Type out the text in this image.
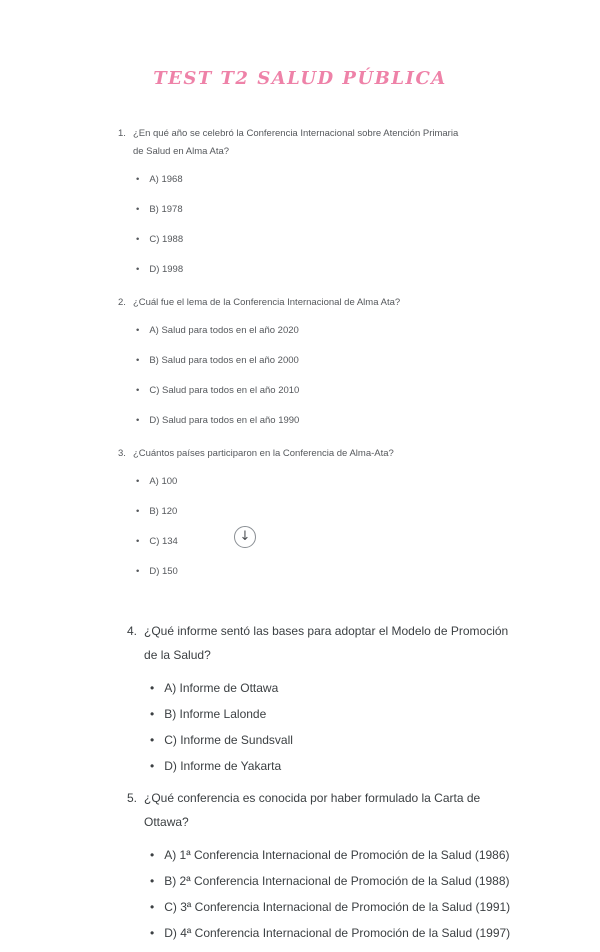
TEST T2 SALUD PÚBLICA
1. ¿En qué año se celebró la Conferencia Internacional sobre Atención Primaria de Salud en Alma Ata?
• A) 1968
• B) 1978
• C) 1988
• D) 1998
2. ¿Cuál fue el lema de la Conferencia Internacional de Alma Ata?
• A) Salud para todos en el año 2020
• B) Salud para todos en el año 2000
• C) Salud para todos en el año 2010
• D) Salud para todos en el año 1990
3. ¿Cuántos países participaron en la Conferencia de Alma-Ata?
• A) 100
• B) 120
• C) 134
• D) 150
4. ¿Qué informe sentó las bases para adoptar el Modelo de Promoción de la Salud?
• A) Informe de Ottawa
• B) Informe Lalonde
• C) Informe de Sundsvall
• D) Informe de Yakarta
5. ¿Qué conferencia es conocida por haber formulado la Carta de Ottawa?
• A) 1ª Conferencia Internacional de Promoción de la Salud (1986)
• B) 2ª Conferencia Internacional de Promoción de la Salud (1988)
• C) 3ª Conferencia Internacional de Promoción de la Salud (1991)
• D) 4ª Conferencia Internacional de Promoción de la Salud (1997)
↓
